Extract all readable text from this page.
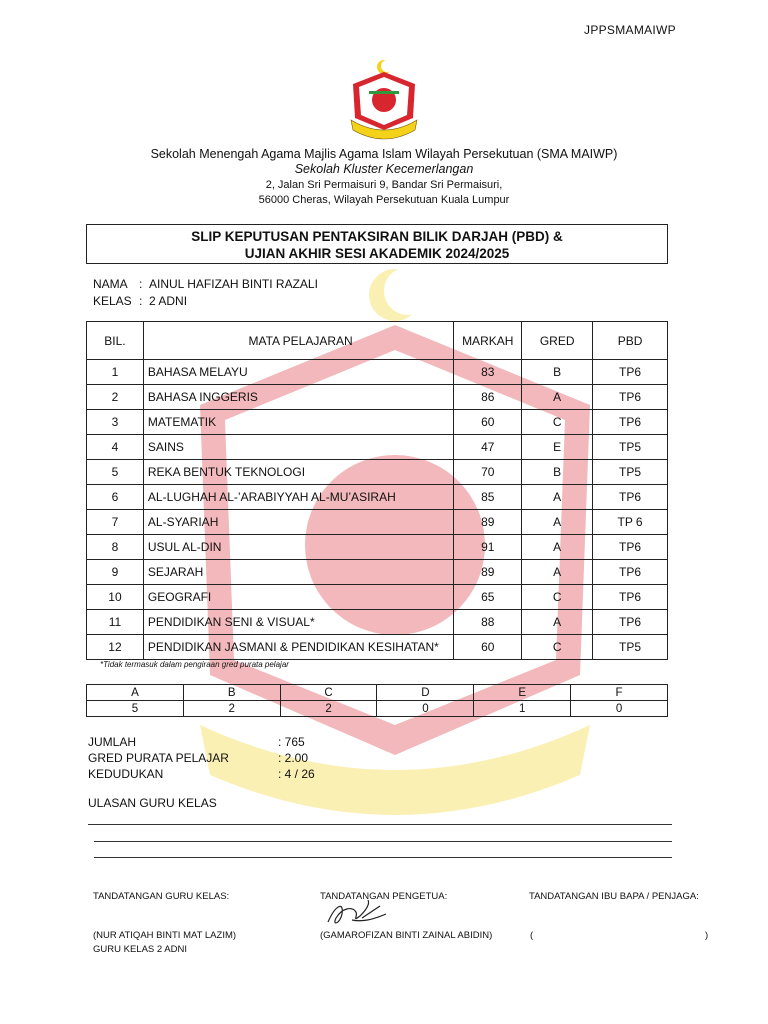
JPPSMAMAIWP
Sekolah Menengah Agama Majlis Agama Islam Wilayah Persekutuan (SMA MAIWP)
Sekolah Kluster Kecemerlangan
2, Jalan Sri Permaisuri 9, Bandar Sri Permaisuri,
56000 Cheras, Wilayah Persekutuan Kuala Lumpur
SLIP KEPUTUSAN PENTAKSIRAN BILIK DARJAH (PBD) &
UJIAN AKHIR SESI AKADEMIK 2024/2025
NAMA : AINUL HAFIZAH BINTI RAZALI
KELAS : 2 ADNI
BIL.	MATA PELAJARAN	MARKAH	GRED	PBD
1	BAHASA MELAYU	83	B	TP6
2	BAHASA INGGERIS	86	A	TP6
3	MATEMATIK	60	C	TP6
4	SAINS	47	E	TP5
5	REKA BENTUK TEKNOLOGI	70	B	TP5
6	AL-LUGHAH AL-’ARABIYYAH AL-MU’ASIRAH	85	A	TP6
7	AL-SYARIAH	89	A	TP 6
8	USUL AL-DIN	91	A	TP6
9	SEJARAH	89	A	TP6
10	GEOGRAFI	65	C	TP6
11	PENDIDIKAN SENI & VISUAL*	88	A	TP6
12	PENDIDIKAN JASMANI & PENDIDIKAN KESIHATAN*	60	C	TP5
*Tidak termasuk dalam pengiraan gred purata pelajar
A	B	C	D	E	F
5	2	2	0	1	0
JUMLAH	: 765
GRED PURATA PELAJAR	: 2.00
KEDUDUKAN	: 4 / 26
ULASAN GURU KELAS
TANDATANGAN GURU KELAS:	TANDATANGAN PENGETUA:	TANDATANGAN IBU BAPA / PENJAGA:
(NUR ATIQAH BINTI MAT LAZIM)
GURU KELAS 2 ADNI
(GAMAROFIZAN BINTI ZAINAL ABIDIN)	(	)
